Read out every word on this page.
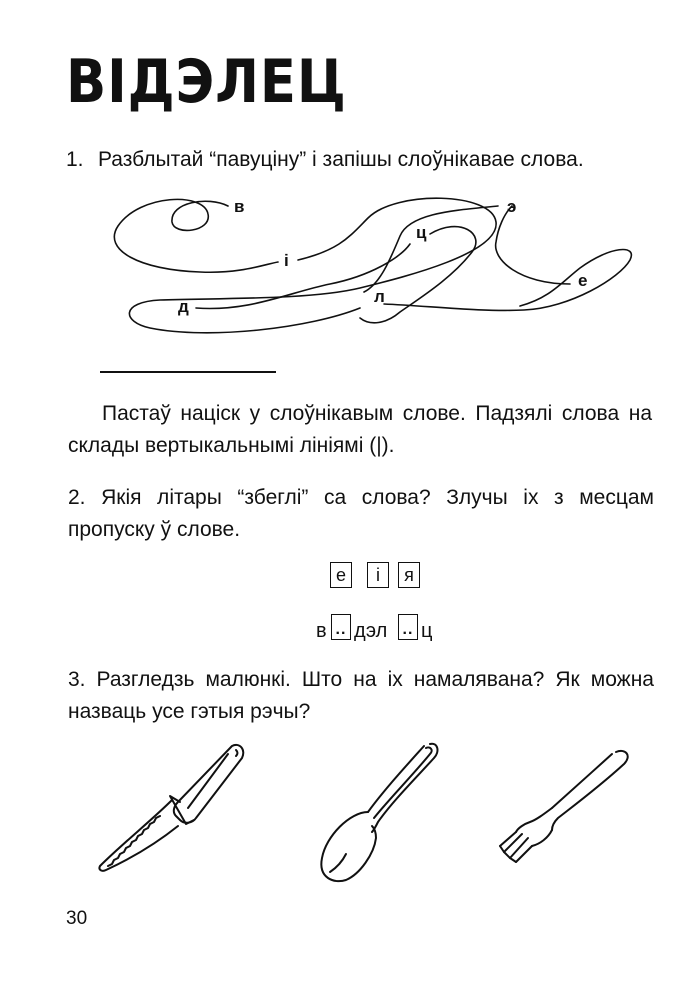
ВІДЭЛЕЦ
1. Разблытай “павуціну” і запішы слоўнікавае слова.
в	э
ц
і
е
л
д
Пастаў націск у слоўнікавым слове. Падзялі слова на склады вертыкальнымі лініямі (|).
2. Якія літары “збеглі” са слова? Злучы іх з месцам
пропуску ў слове.
е	і	я
в .. дэл .. ц
3. Разгледзь малюнкі. Што на іх намалявана? Як можна
назваць усе гэтыя рэчы?
30
